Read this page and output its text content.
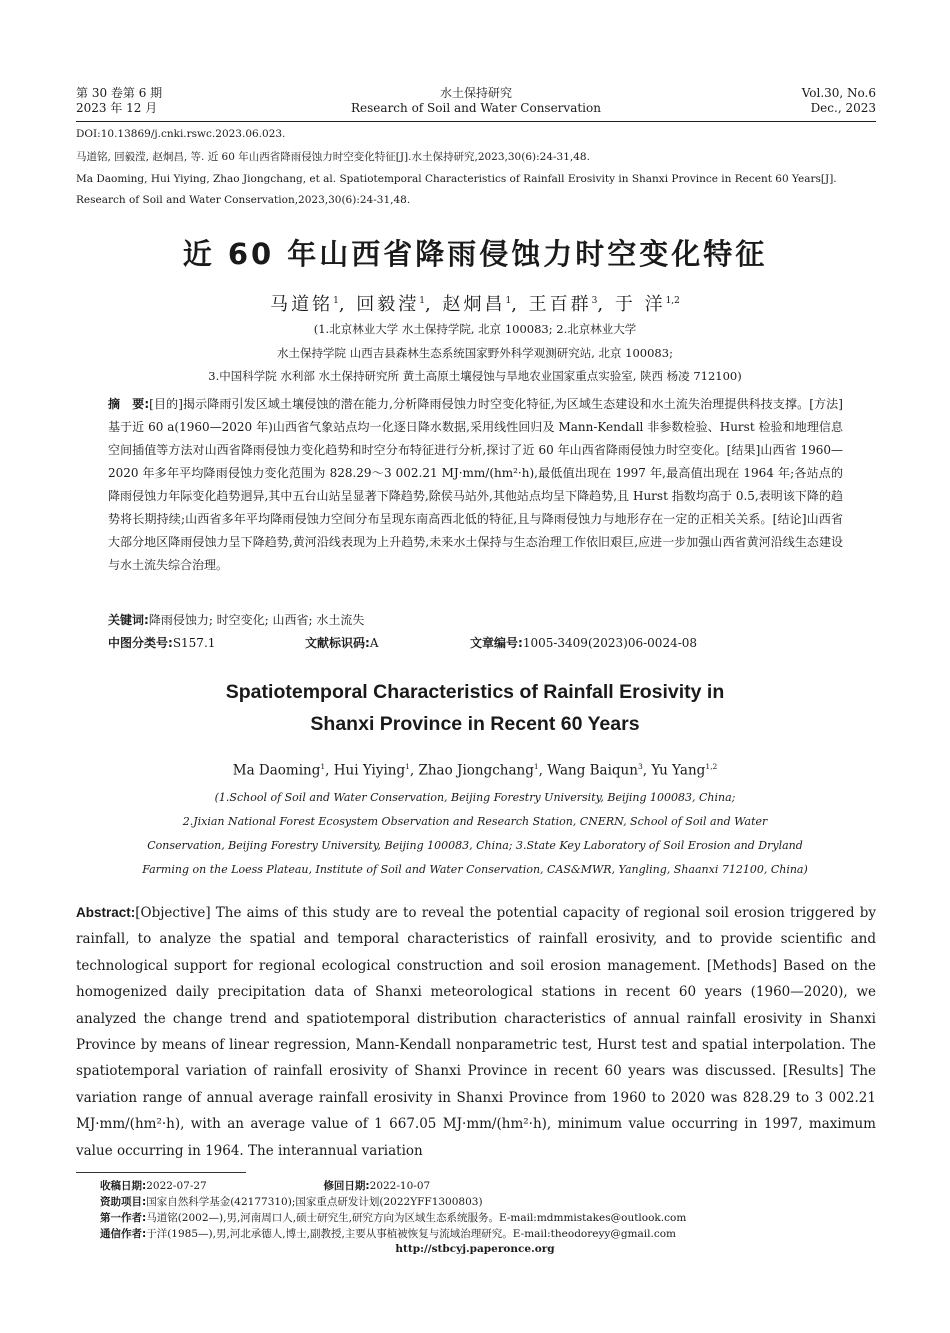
第 30 卷第 6 期
2023 年 12 月
水土保持研究
Research of Soil and Water Conservation
Vol.30, No.6
Dec., 2023
DOI:10.13869/j.cnki.rswc.2023.06.023.
马道铭, 回毅滢, 赵炯昌, 等. 近 60 年山西省降雨侵蚀力时空变化特征[J].水土保持研究,2023,30(6):24-31,48.
Ma Daoming, Hui Yiying, Zhao Jiongchang, et al. Spatiotemporal Characteristics of Rainfall Erosivity in Shanxi Province in Recent 60 Years[J].
Research of Soil and Water Conservation,2023,30(6):24-31,48.
近 60 年山西省降雨侵蚀力时空变化特征
马道铭$^1$, 回毅滢$^1$, 赵炯昌$^1$, 王百群$^3$, 于 洋$^{1,2}$
(1.北京林业大学 水土保持学院, 北京 100083; 2.北京林业大学
水土保持学院 山西吉县森林生态系统国家野外科学观测研究站, 北京 100083;
3.中国科学院 水利部 水土保持研究所 黄土高原土壤侵蚀与旱地农业国家重点实验室, 陕西 杨凌 712100)
摘　要:[目的]揭示降雨引发区域土壤侵蚀的潜在能力,分析降雨侵蚀力时空变化特征,为区域生态建设和水土流失治理提供科技支撑。[方法]基于近 60 a(1960—2020 年)山西省气象站点均一化逐日降水数据,采用线性回归及 Mann-Kendall 非参数检验、Hurst 检验和地理信息空间插值等方法对山西省降雨侵蚀力变化趋势和时空分布特征进行分析,探讨了近 60 年山西省降雨侵蚀力时空变化。[结果]山西省 1960—2020 年多年平均降雨侵蚀力变化范围为 828.29～3 002.21 MJ·mm/(hm²·h),最低值出现在 1997 年,最高值出现在 1964 年;各站点的降雨侵蚀力年际变化趋势迥异,其中五台山站呈显著下降趋势,除侯马站外,其他站点均呈下降趋势,且 Hurst 指数均高于 0.5,表明该下降的趋势将长期持续;山西省多年平均降雨侵蚀力空间分布呈现东南高西北低的特征,且与降雨侵蚀力与地形存在一定的正相关关系。[结论]山西省大部分地区降雨侵蚀力呈下降趋势,黄河沿线表现为上升趋势,未来水土保持与生态治理工作依旧艰巨,应进一步加强山西省黄河沿线生态建设与水土流失综合治理。
关键词:降雨侵蚀力; 时空变化; 山西省; 水土流失
中图分类号:S157.1	文献标识码:A	文章编号:1005-3409(2023)06-0024-08
Spatiotemporal Characteristics of Rainfall Erosivity in
Shanxi Province in Recent 60 Years
Ma Daoming$^1$, Hui Yiying$^1$, Zhao Jiongchang$^1$, Wang Baiqun$^3$, Yu Yang$^{1,2}$
(1.School of Soil and Water Conservation, Beijing Forestry University, Beijing 100083, China;
2.Jixian National Forest Ecosystem Observation and Research Station, CNERN, School of Soil and Water
Conservation, Beijing Forestry University, Beijing 100083, China; 3.State Key Laboratory of Soil Erosion and Dryland
Farming on the Loess Plateau, Institute of Soil and Water Conservation, CAS&MWR, Yangling, Shaanxi 712100, China)
Abstract:[Objective] The aims of this study are to reveal the potential capacity of regional soil erosion triggered by rainfall, to analyze the spatial and temporal characteristics of rainfall erosivity, and to provide scientific and technological support for regional ecological construction and soil erosion management. [Methods] Based on the homogenized daily precipitation data of Shanxi meteorological stations in recent 60 years (1960—2020), we analyzed the change trend and spatiotemporal distribution characteristics of annual rainfall erosivity in Shanxi Province by means of linear regression, Mann-Kendall nonparametric test, Hurst test and spatial interpolation. The spatiotemporal variation of rainfall erosivity of Shanxi Province in recent 60 years was discussed. [Results] The variation range of annual average rainfall erosivity in Shanxi Province from 1960 to 2020 was 828.29 to 3 002.21 MJ·mm/(hm²·h), with an average value of 1 667.05 MJ·mm/(hm²·h), minimum value occurring in 1997, maximum value occurring in 1964. The interannual variation
收稿日期:2022-07-27	修回日期:2022-10-07
资助项目:国家自然科学基金(42177310);国家重点研发计划(2022YFF1300803)
第一作者:马道铭(2002—),男,河南周口人,硕士研究生,研究方向为区域生态系统服务。E-mail:mdmmistakes@outlook.com
通信作者:于洋(1985—),男,河北承德人,博士,副教授,主要从事植被恢复与流域治理研究。E-mail:theodoreyy@gmail.com
http://stbcyj.paperonce.org
